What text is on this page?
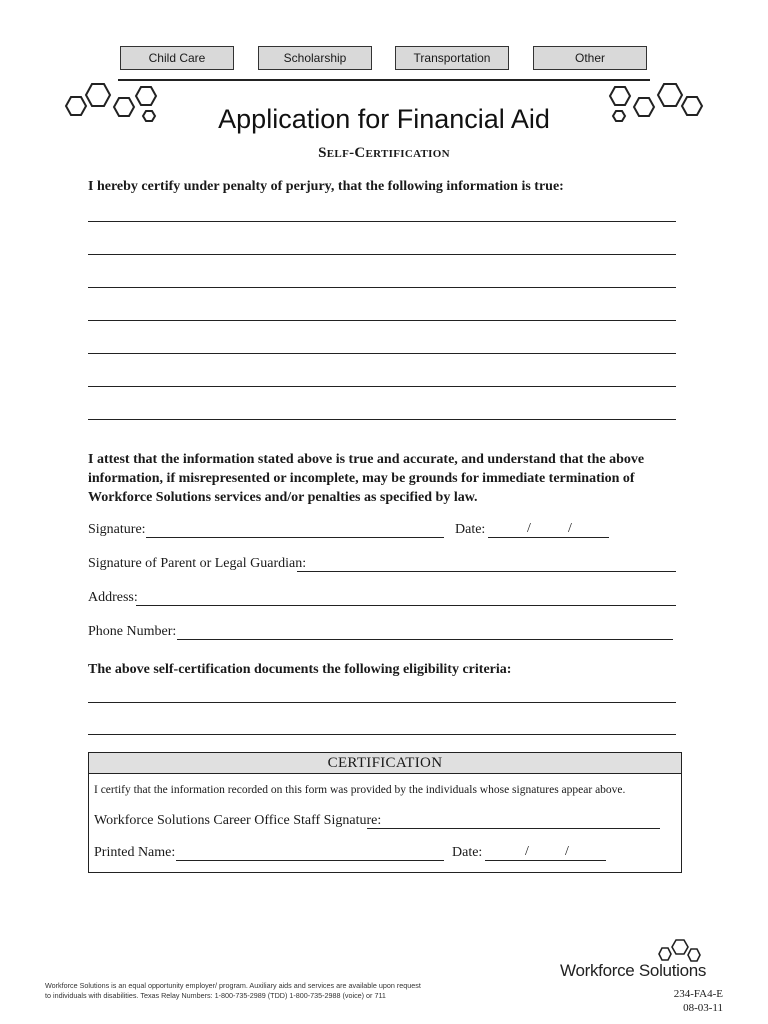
Child Care	Scholarship	Transportation	Other
Application for Financial Aid
Self-Certification
I hereby certify under penalty of perjury, that the following information is true:
I attest that the information stated above is true and accurate, and understand that the above information, if misrepresented or incomplete, may be grounds for immediate termination of Workforce Solutions services and/or penalties as specified by law.
Signature:	Date:	/	/
Signature of Parent or Legal Guardian:
Address:
Phone Number:
The above self-certification documents the following eligibility criteria:
CERTIFICATION
I certify that the information recorded on this form was provided by the individuals whose signatures appear above.
Workforce Solutions Career Office Staff Signature:
Printed Name:	Date:	/	/
Workforce Solutions is an equal opportunity employer/ program. Auxiliary aids and services are available upon request
to individuals with disabilities. Texas Relay Numbers: 1-800-735-2989 (TDD) 1-800-735-2988 (voice) or 711
Workforce Solutions
234-FA4-E
08-03-11
